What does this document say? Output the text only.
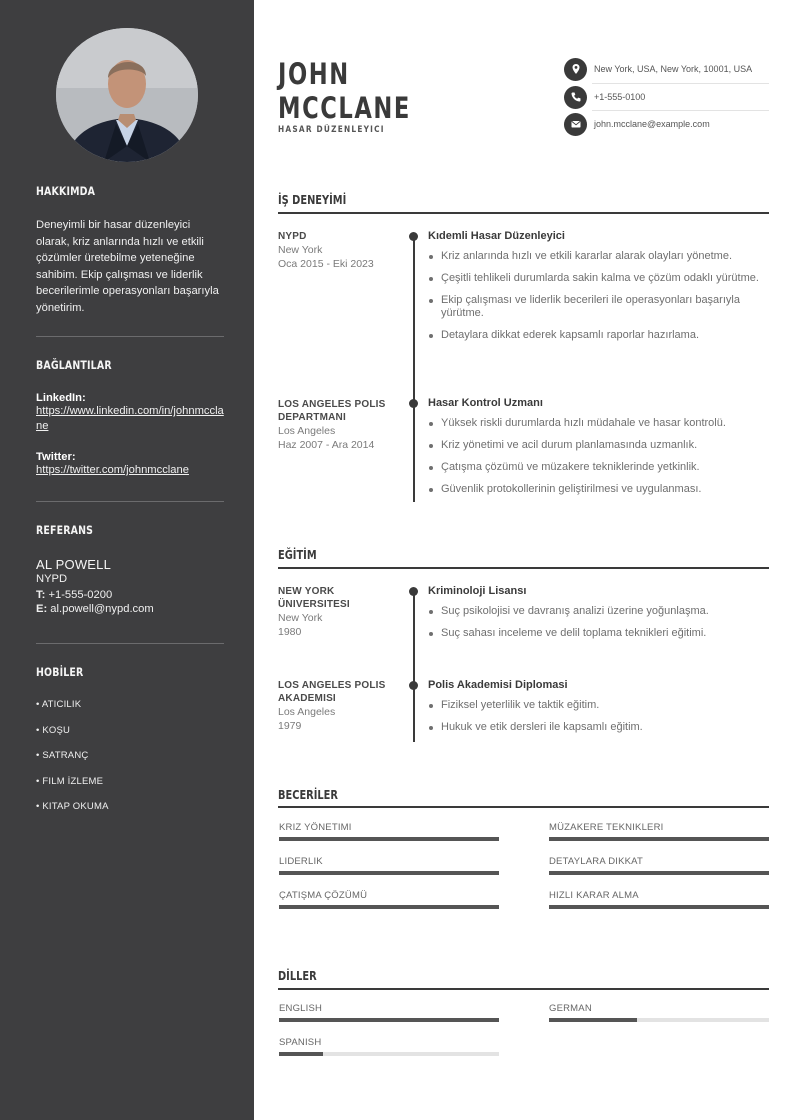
HAKKIMDA
Deneyimli bir hasar düzenleyici olarak, kriz anlarında hızlı ve etkili çözümler üretebilme yeteneğine sahibim. Ekip çalışması ve liderlik becerilerimle operasyonları başarıyla yönetirim.
BAĞLANTILAR
LinkedIn:
https://www.linkedin.com/in/johnmcclane
Twitter:
https://twitter.com/johnmcclane
REFERANS
AL POWELL
NYPD
T: +1-555-0200
E: al.powell@nypd.com
HOBİLER
• ATICILIK
• KOŞU
• SATRANÇ
• FILM İZLEME
• KITAP OKUMA
JOHN
MCCLANE
HASAR DÜZENLEYICI
New York, USA, New York, 10001, USA
+1-555-0100
john.mcclane@example.com
İŞ DENEYİMİ
NYPD
New York
Oca 2015 - Eki 2023
Kıdemli Hasar Düzenleyici
Kriz anlarında hızlı ve etkili kararlar alarak olayları yönetme.
Çeşitli tehlikeli durumlarda sakin kalma ve çözüm odaklı yürütme.
Ekip çalışması ve liderlik becerileri ile operasyonları başarıyla yürütme.
Detaylara dikkat ederek kapsamlı raporlar hazırlama.
LOS ANGELES POLIS DEPARTMANI
Los Angeles
Haz 2007 - Ara 2014
Hasar Kontrol Uzmanı
Yüksek riskli durumlarda hızlı müdahale ve hasar kontrolü.
Kriz yönetimi ve acil durum planlamasında uzmanlık.
Çatışma çözümü ve müzakere tekniklerinde yetkinlik.
Güvenlik protokollerinin geliştirilmesi ve uygulanması.
EĞİTİM
NEW YORK ÜNIVERSITESI
New York
1980
Kriminoloji Lisansı
Suç psikolojisi ve davranış analizi üzerine yoğunlaşma.
Suç sahası inceleme ve delil toplama teknikleri eğitimi.
LOS ANGELES POLIS AKADEMISI
Los Angeles
1979
Polis Akademisi Diplomasi
Fiziksel yeterlilik ve taktik eğitim.
Hukuk ve etik dersleri ile kapsamlı eğitim.
BECERİLER
KRIZ YÖNETIMI	MÜZAKERE TEKNIKLERI
LIDERLIK	DETAYLARA DIKKAT
ÇATIŞMA ÇÖZÜMÜ	HIZLI KARAR ALMA
DİLLER
ENGLISH	GERMAN
SPANISH
